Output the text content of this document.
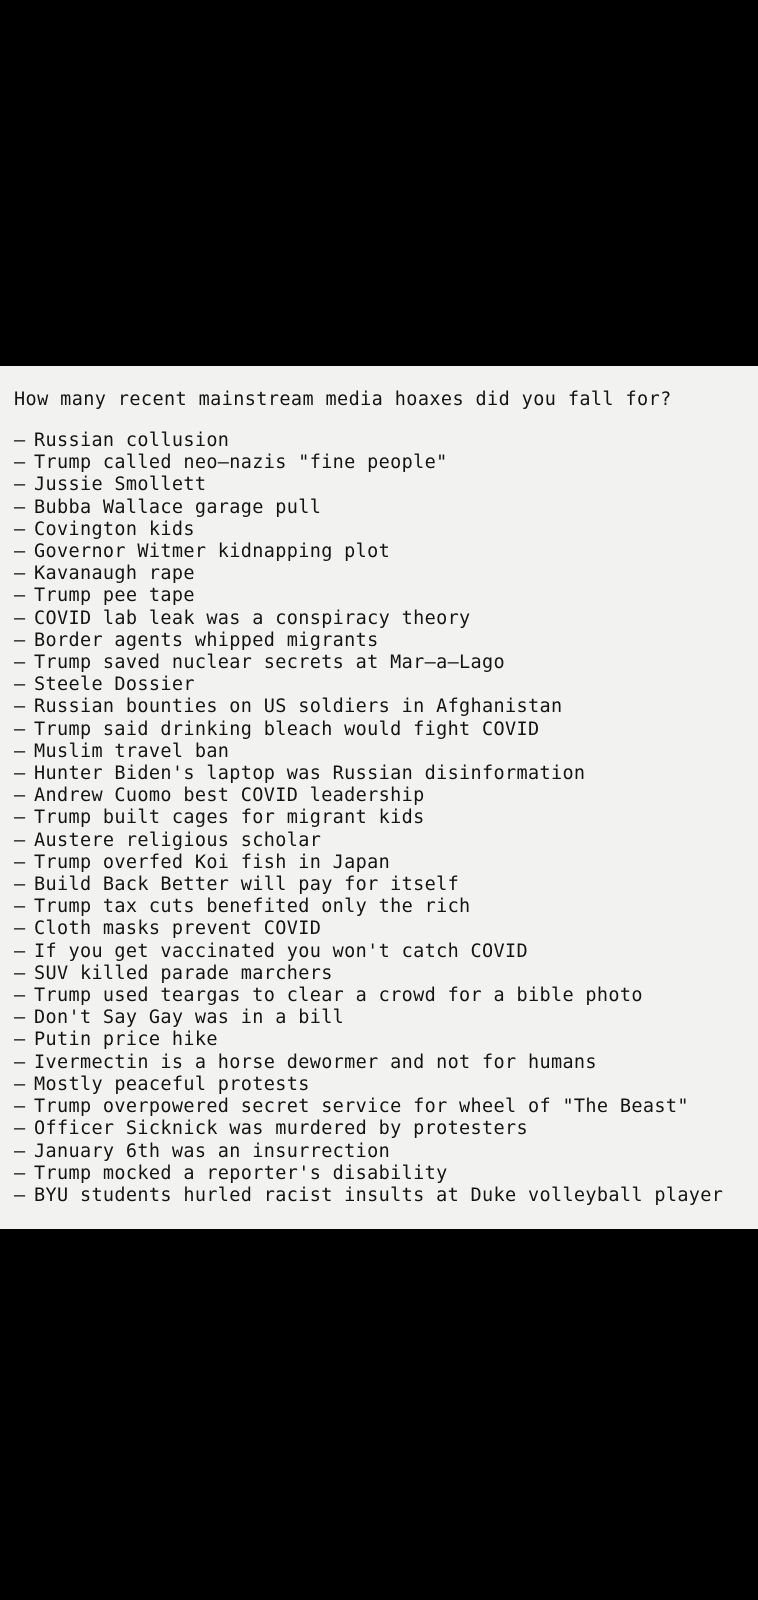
How many recent mainstream media hoaxes did you fall for?
– Russian collusion
– Trump called neo–nazis "fine people"
– Jussie Smollett
– Bubba Wallace garage pull
– Covington kids
– Governor Witmer kidnapping plot
– Kavanaugh rape
– Trump pee tape
– COVID lab leak was a conspiracy theory
– Border agents whipped migrants
– Trump saved nuclear secrets at Mar–a–Lago
– Steele Dossier
– Russian bounties on US soldiers in Afghanistan
– Trump said drinking bleach would fight COVID
– Muslim travel ban
– Hunter Biden's laptop was Russian disinformation
– Andrew Cuomo best COVID leadership
– Trump built cages for migrant kids
– Austere religious scholar
– Trump overfed Koi fish in Japan
– Build Back Better will pay for itself
– Trump tax cuts benefited only the rich
– Cloth masks prevent COVID
– If you get vaccinated you won't catch COVID
– SUV killed parade marchers
– Trump used teargas to clear a crowd for a bible photo
– Don't Say Gay was in a bill
– Putin price hike
– Ivermectin is a horse dewormer and not for humans
– Mostly peaceful protests
– Trump overpowered secret service for wheel of "The Beast"
– Officer Sicknick was murdered by protesters
– January 6th was an insurrection
– Trump mocked a reporter's disability
– BYU students hurled racist insults at Duke volleyball player
